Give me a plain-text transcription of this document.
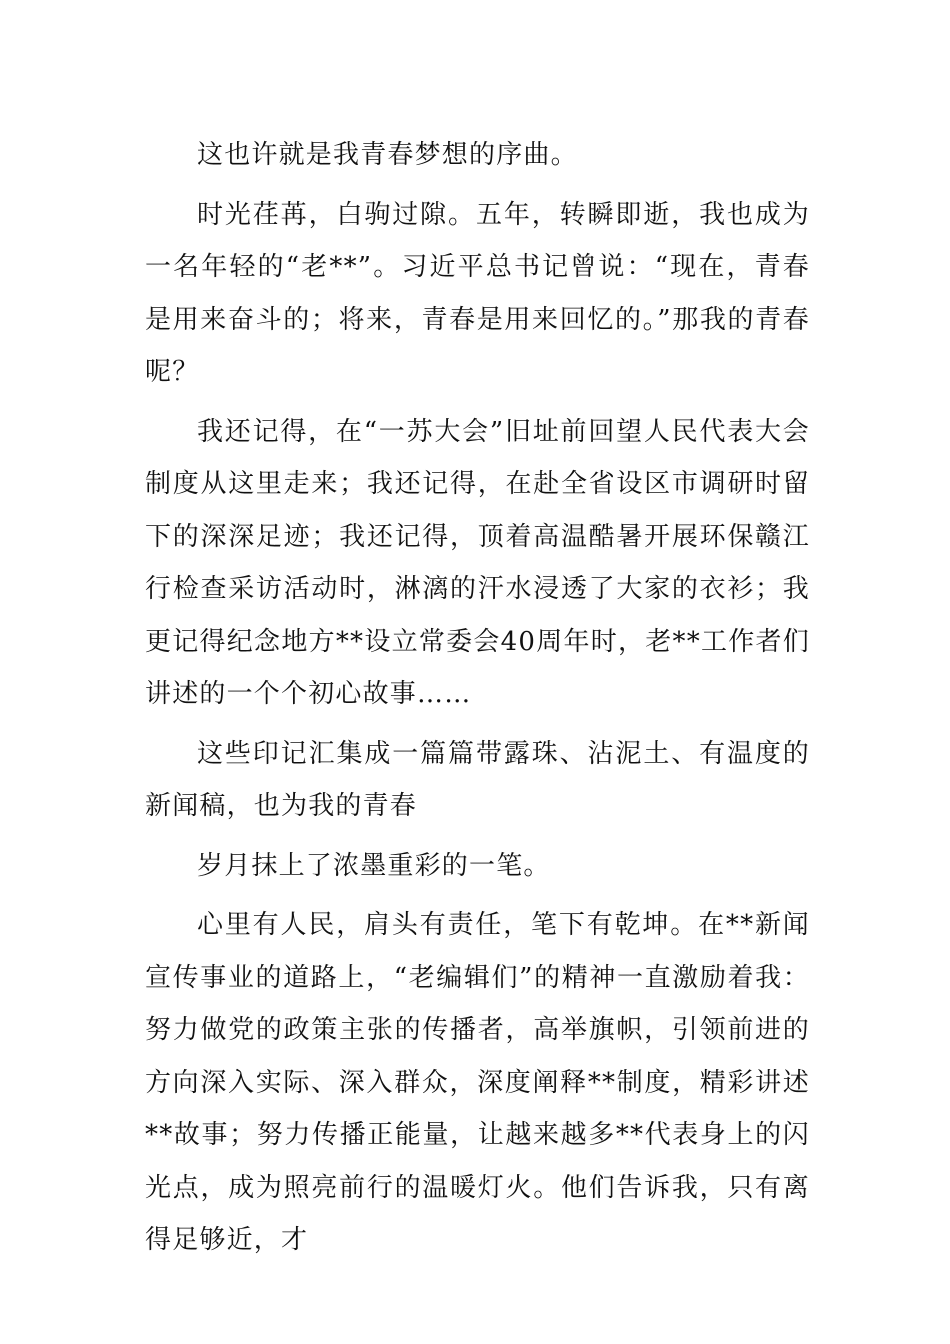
这也许就是我青春梦想的序曲。

时光荏苒，白驹过隙。五年，转瞬即逝，我也成为一名年轻的“老**”。习近平总书记曾说：“现在，青春是用来奋斗的；将来，青春是用来回忆的。”那我的青春呢？

我还记得，在“一苏大会”旧址前回望人民代表大会制度从这里走来；我还记得，在赴全省设区市调研时留下的深深足迹；我还记得，顶着高温酷暑开展环保赣江行检查采访活动时，淋漓的汗水浸透了大家的衣衫；我更记得纪念地方**设立常委会40周年时，老**工作者们讲述的一个个初心故事……

这些印记汇集成一篇篇带露珠、沾泥土、有温度的新闻稿，也为我的青春

岁月抹上了浓墨重彩的一笔。

心里有人民，肩头有责任，笔下有乾坤。在**新闻宣传事业的道路上，“老编辑们”的精神一直激励着我：努力做党的政策主张的传播者，高举旗帜，引领前进的方向深入实际、深入群众，深度阐释**制度，精彩讲述**故事；努力传播正能量，让越来越多**代表身上的闪光点，成为照亮前行的温暖灯火。他们告诉我，只有离得足够近，才
